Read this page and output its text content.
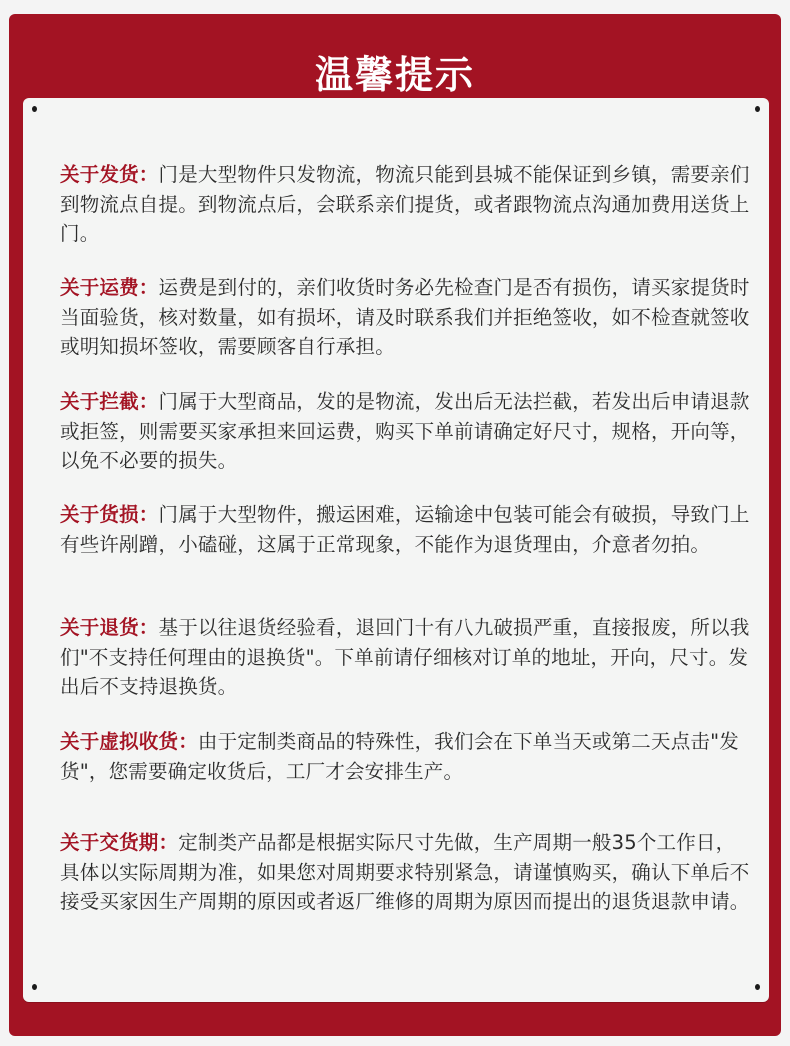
温馨提示
关于发货：门是大型物件只发物流，物流只能到县城不能保证到乡镇，需要亲们到物流点自提。到物流点后，会联系亲们提货，或者跟物流点沟通加费用送货上门。
关于运费：运费是到付的，亲们收货时务必先检查门是否有损伤，请买家提货时当面验货，核对数量，如有损坏，请及时联系我们并拒绝签收，如不检查就签收或明知损坏签收，需要顾客自行承担。
关于拦截：门属于大型商品，发的是物流，发出后无法拦截，若发出后申请退款或拒签，则需要买家承担来回运费，购买下单前请确定好尺寸，规格，开向等，以免不必要的损失。
关于货损：门属于大型物件，搬运困难，运输途中包装可能会有破损，导致门上有些许剐蹭，小磕碰，这属于正常现象，不能作为退货理由，介意者勿拍。
关于退货：基于以往退货经验看，退回门十有八九破损严重，直接报废，所以我们"不支持任何理由的退换货"。下单前请仔细核对订单的地址，开向，尺寸。发出后不支持退换货。
关于虚拟收货：由于定制类商品的特殊性，我们会在下单当天或第二天点击"发货"，您需要确定收货后，工厂才会安排生产。
关于交货期：定制类产品都是根据实际尺寸先做，生产周期一般35个工作日，具体以实际周期为准，如果您对周期要求特别紧急，请谨慎购买，确认下单后不接受买家因生产周期的原因或者返厂维修的周期为原因而提出的退货退款申请。
